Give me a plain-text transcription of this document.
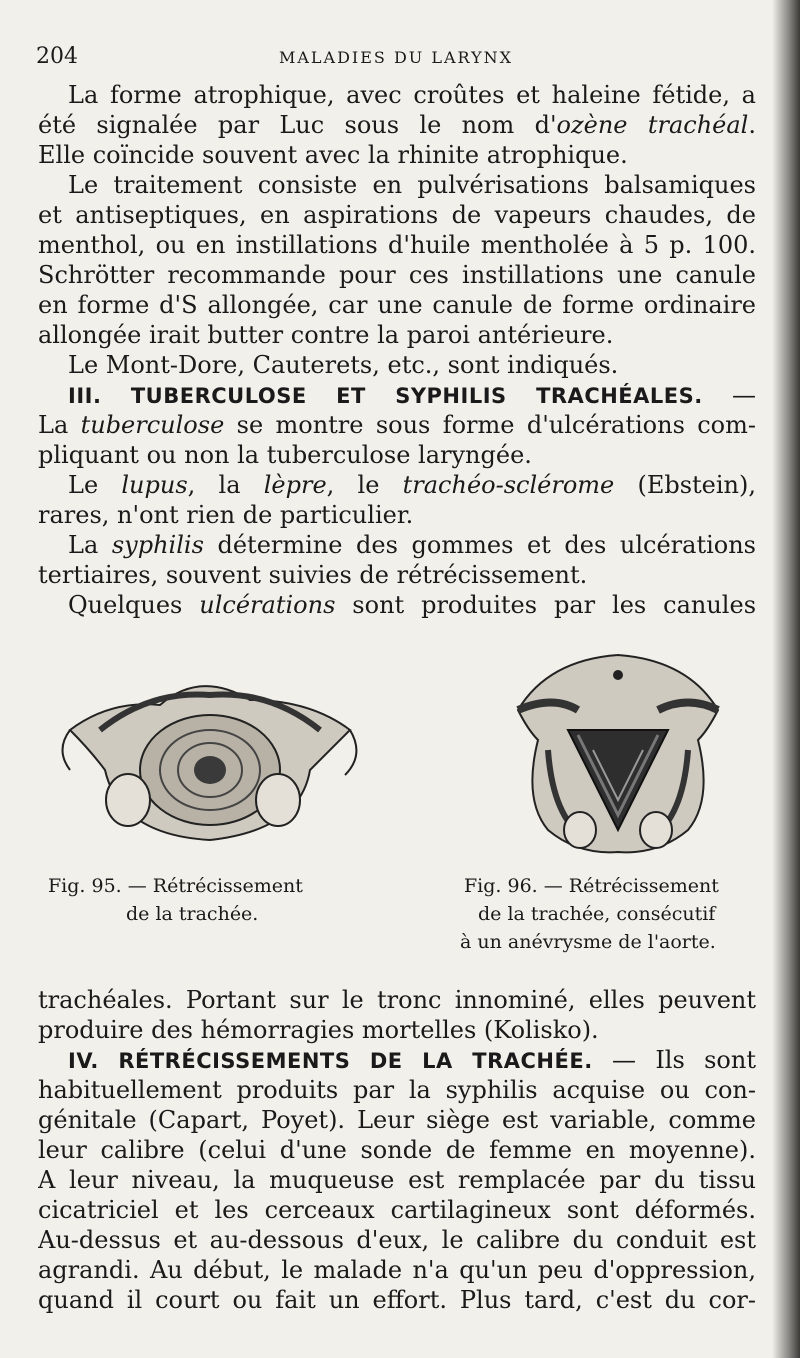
204	MALADIES DU LARYNX
La forme atrophique, avec croûtes et haleine fétide, a
été signalée par Luc sous le nom d'ozène trachéal.
Elle coïncide souvent avec la rhinite atrophique.
Le traitement consiste en pulvérisations balsamiques
et antiseptiques, en aspirations de vapeurs chaudes, de
menthol, ou en instillations d'huile mentholée à 5 p. 100.
Schrötter recommande pour ces instillations une canule
en forme d'S allongée, car une canule de forme ordinaire
allongée irait butter contre la paroi antérieure.
Le Mont-Dore, Cauterets, etc., sont indiqués.
III. TUBERCULOSE ET SYPHILIS TRACHÉALES. —
La tuberculose se montre sous forme d'ulcérations com-
pliquant ou non la tuberculose laryngée.
Le lupus, la lèpre, le trachéo-sclérome (Ebstein),
rares, n'ont rien de particulier.
La syphilis détermine des gommes et des ulcérations
tertiaires, souvent suivies de rétrécissement.
Quelques ulcérations sont produites par les canules
Fig. 95. — Rétrécissement
de la trachée.
Fig. 96. — Rétrécissement
de la trachée, consécutif
à un anévrysme de l'aorte.
trachéales. Portant sur le tronc innominé, elles peuvent
produire des hémorragies mortelles (Kolisko).
IV. RÉTRÉCISSEMENTS DE LA TRACHÉE. — Ils sont
habituellement produits par la syphilis acquise ou con-
génitale (Capart, Poyet). Leur siège est variable, comme
leur calibre (celui d'une sonde de femme en moyenne).
A leur niveau, la muqueuse est remplacée par du tissu
cicatriciel et les cerceaux cartilagineux sont déformés.
Au-dessus et au-dessous d'eux, le calibre du conduit est
agrandi. Au début, le malade n'a qu'un peu d'oppression,
quand il court ou fait un effort. Plus tard, c'est du cor-
